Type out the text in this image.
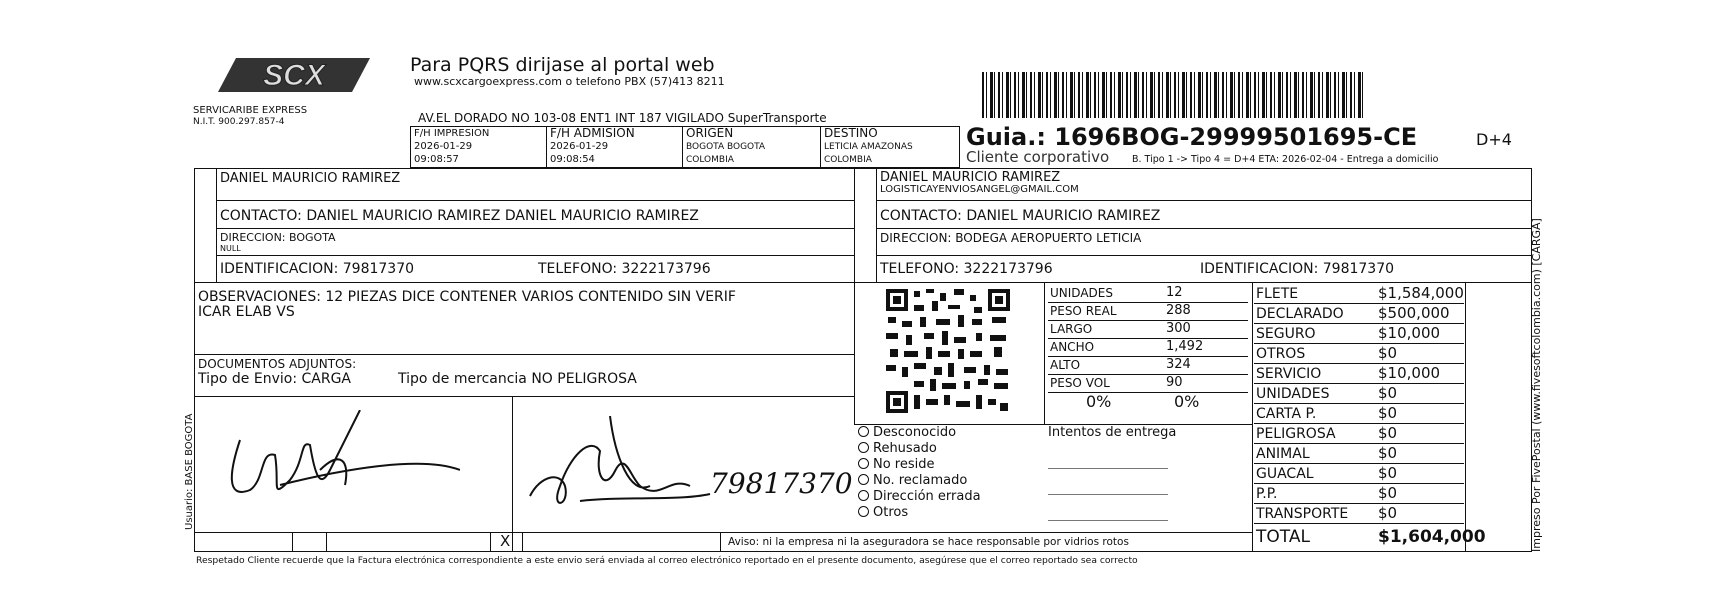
SCX
SERVICARIBE EXPRESS
N.I.T. 900.297.857-4
Para PQRS dirijase al portal web
www.scxcargoexpress.com o telefono PBX (57)413 8211
AV.EL DORADO NO 103-08 ENT1 INT 187 VIGILADO SuperTransporte
Guia.: 1696BOG-29999501695-CE	D+4
Cliente corporativo B. Tipo 1 -> Tipo 4 = D+4 ETA: 2026-02-04 - Entrega a domicilio
F/H IMPRESION
2026-01-29
09:08:57
F/H ADMISION
2026-01-29
09:08:54
ORIGEN
BOGOTA BOGOTA
COLOMBIA
DESTINO
LETICIA AMAZONAS
COLOMBIA
DANIEL MAURICIO RAMIREZ
CONTACTO: DANIEL MAURICIO RAMIREZ DANIEL MAURICIO RAMIREZ
DIRECCION: BOGOTA
NULL
IDENTIFICACION: 79817370	TELEFONO: 3222173796
DANIEL MAURICIO RAMIREZ
LOGISTICAYENVIOSANGEL@GMAIL.COM
CONTACTO: DANIEL MAURICIO RAMIREZ
DIRECCION: BODEGA AEROPUERTO LETICIA
TELEFONO: 3222173796	IDENTIFICACION: 79817370
OBSERVACIONES: 12 PIEZAS DICE CONTENER VARIOS CONTENIDO SIN VERIF
ICAR ELAB VS
DOCUMENTOS ADJUNTOS:
Tipo de Envio: CARGA	Tipo de mercancia NO PELIGROSA
UNIDADES	12
PESO REAL	288
LARGO	300
ANCHO	1,492
ALTO	324
PESO VOL	90
0%	0%
FLETE	$1,584,000
DECLARADO $500,000
SEGURO	$10,000
OTROS	$0
SERVICIO	$10,000
UNIDADES	$0
CARTA P.	$0
PELIGROSA	$0
ANIMAL	$0
GUACAL	$0
P.P.	$0
TRANSPORTE $0
TOTAL	$1,604,000
Desconocido
Rehusado
No reside
No. reclamado
Dirección errada
Otros
Intentos de entrega
79817370
X	Aviso: ni la empresa ni la aseguradora se hace responsable por vidrios rotos
Respetado Cliente recuerde que la Factura electrónica correspondiente a este envio será enviada al correo electrónico reportado en el presente documento, asegúrese que el correo reportado sea correcto
Usuario: BASE BOGOTA	Impreso Por FivePostal (www.fivesoftcolombia.com) [CARGA]
